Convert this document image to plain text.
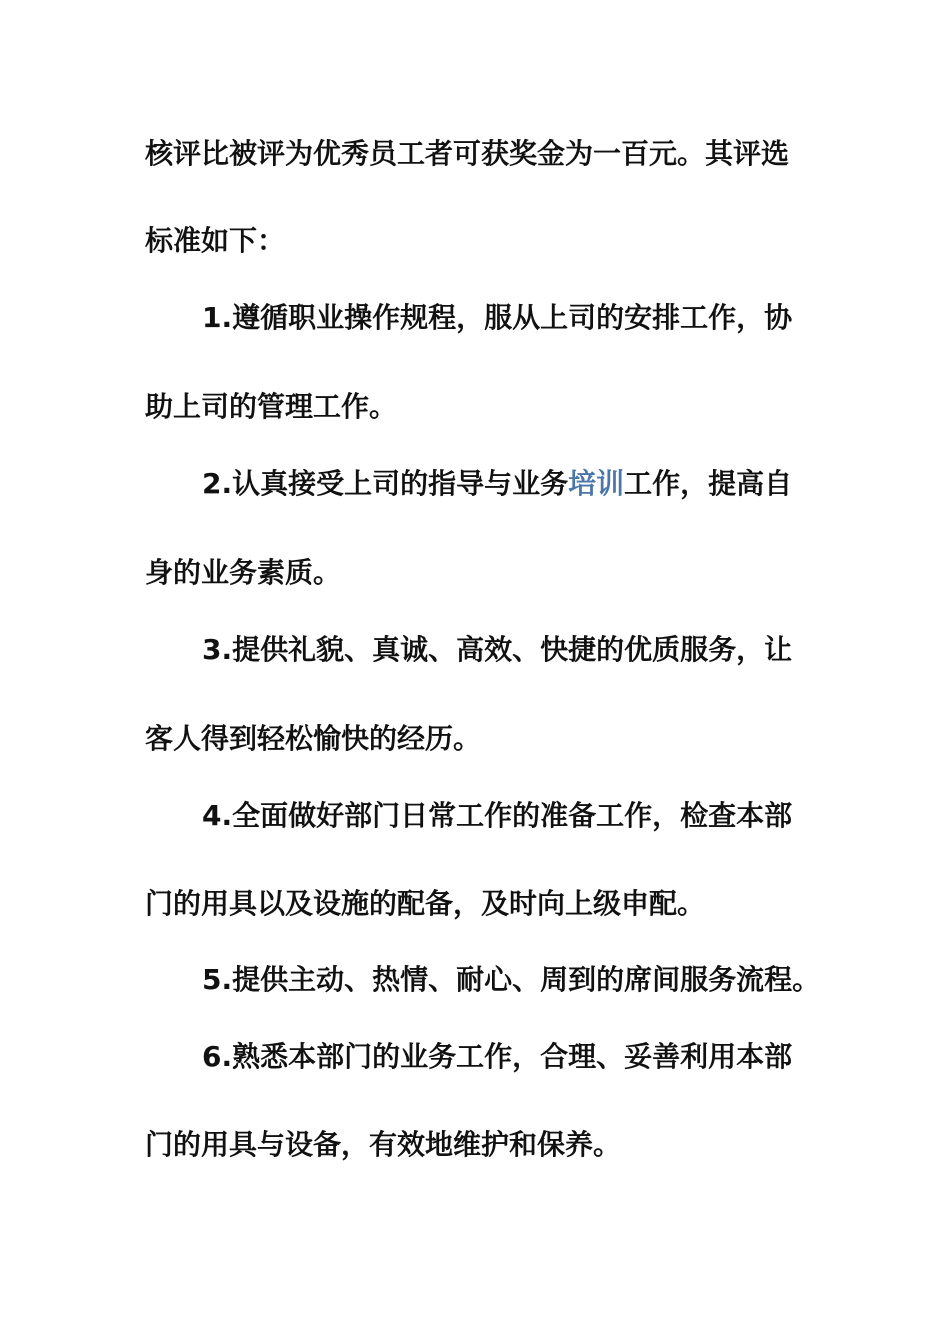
核评比被评为优秀员工者可获奖金为一百元。其评选
标准如下：
1.遵循职业操作规程，服从上司的安排工作，协
助上司的管理工作。
2.认真接受上司的指导与业务培训工作，提高自
身的业务素质。
3.提供礼貌、真诚、高效、快捷的优质服务，让
客人得到轻松愉快的经历。
4.全面做好部门日常工作的准备工作，检查本部
门的用具以及设施的配备，及时向上级申配。
5.提供主动、热情、耐心、周到的席间服务流程。
6.熟悉本部门的业务工作，合理、妥善利用本部
门的用具与设备，有效地维护和保养。
